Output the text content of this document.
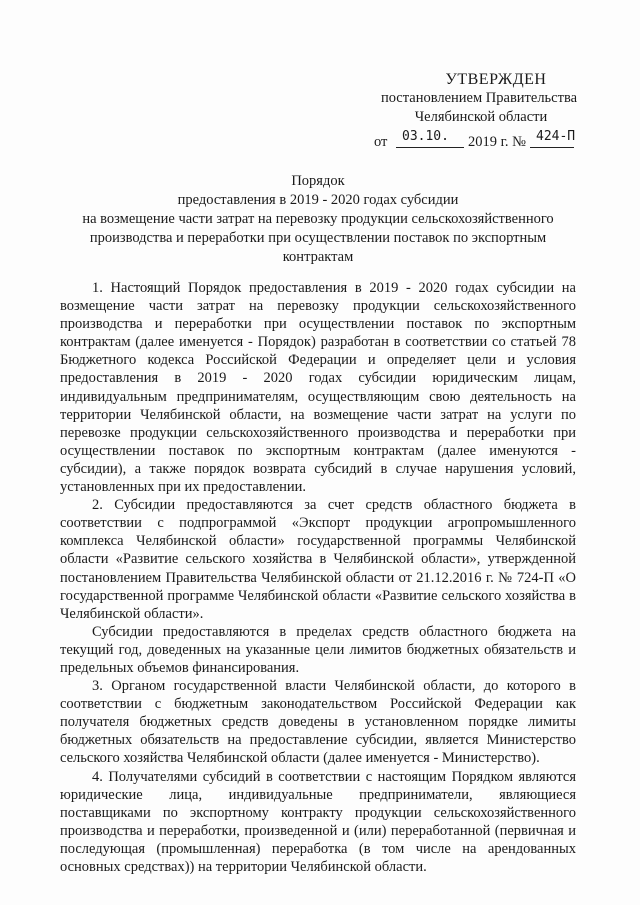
УТВЕРЖДЕН
постановлением Правительства
Челябинской области
от 03.10. 2019 г. № 424-П
Порядок
предоставления в 2019 - 2020 годах субсидии
на возмещение части затрат на перевозку продукции сельскохозяйственного
производства и переработки при осуществлении поставок по экспортным
контрактам

1. Настоящий Порядок предоставления в 2019 - 2020 годах субсидии на возмещение части затрат на перевозку продукции сельскохозяйственного производства и переработки при осуществлении поставок по экспортным контрактам (далее именуется - Порядок) разработан в соответствии со статьей 78 Бюджетного кодекса Российской Федерации и определяет цели и условия предоставления в 2019 - 2020 годах субсидии юридическим лицам, индивидуальным предпринимателям, осуществляющим свою деятельность на территории Челябинской области, на возмещение части затрат на услуги по перевозке продукции сельскохозяйственного производства и переработки при осуществлении поставок по экспортным контрактам (далее именуются - субсидии), а также порядок возврата субсидий в случае нарушения условий, установленных при их предоставлении.

2. Субсидии предоставляются за счет средств областного бюджета в соответствии с подпрограммой «Экспорт продукции агропромышленного комплекса Челябинской области» государственной программы Челябинской области «Развитие сельского хозяйства в Челябинской области», утвержденной постановлением Правительства Челябинской области от 21.12.2016 г. № 724-П «О государственной программе Челябинской области «Развитие сельского хозяйства в Челябинской области».

Субсидии предоставляются в пределах средств областного бюджета на текущий год, доведенных на указанные цели лимитов бюджетных обязательств и предельных объемов финансирования.

3. Органом государственной власти Челябинской области, до которого в соответствии с бюджетным законодательством Российской Федерации как получателя бюджетных средств доведены в установленном порядке лимиты бюджетных обязательств на предоставление субсидии, является Министерство сельского хозяйства Челябинской области (далее именуется - Министерство).

4. Получателями субсидий в соответствии с настоящим Порядком являются юридические лица, индивидуальные предприниматели, являющиеся поставщиками по экспортному контракту продукции сельскохозяйственного производства и переработки, произведенной и (или) переработанной (первичная и последующая (промышленная) переработка (в том числе на арендованных основных средствах)) на территории Челябинской области.
